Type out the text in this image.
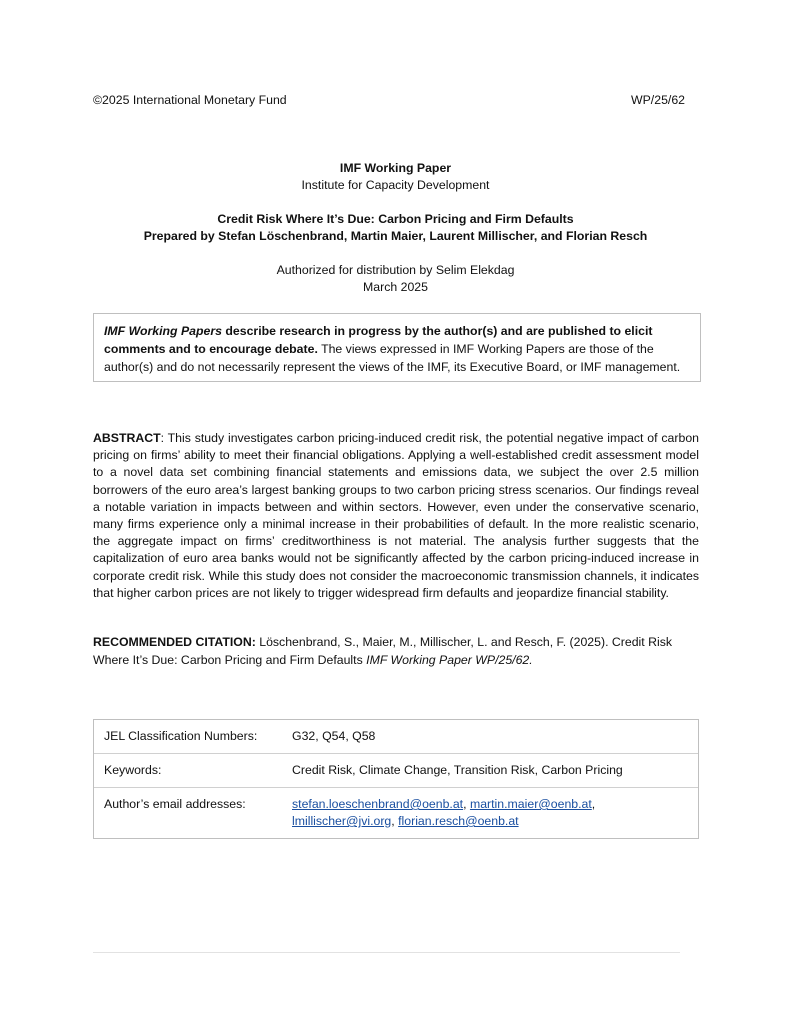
©2025 International Monetary Fund	WP/25/62
IMF Working Paper
Institute for Capacity Development
Credit Risk Where It’s Due: Carbon Pricing and Firm Defaults
Prepared by Stefan Löschenbrand, Martin Maier, Laurent Millischer, and Florian Resch
Authorized for distribution by Selim Elekdag
March 2025
IMF Working Papers describe research in progress by the author(s) and are published to elicit comments and to encourage debate. The views expressed in IMF Working Papers are those of the author(s) and do not necessarily represent the views of the IMF, its Executive Board, or IMF management.
ABSTRACT: This study investigates carbon pricing-induced credit risk, the potential negative impact of carbon pricing on firms’ ability to meet their financial obligations. Applying a well-established credit assessment model to a novel data set combining financial statements and emissions data, we subject the over 2.5 million borrowers of the euro area’s largest banking groups to two carbon pricing stress scenarios. Our findings reveal a notable variation in impacts between and within sectors. However, even under the conservative scenario, many firms experience only a minimal increase in their probabilities of default. In the more realistic scenario, the aggregate impact on firms’ creditworthiness is not material. The analysis further suggests that the capitalization of euro area banks would not be significantly affected by the carbon pricing-induced increase in corporate credit risk. While this study does not consider the macroeconomic transmission channels, it indicates that higher carbon prices are not likely to trigger widespread firm defaults and jeopardize financial stability.
RECOMMENDED CITATION: Löschenbrand, S., Maier, M., Millischer, L. and Resch, F. (2025). Credit Risk Where It’s Due: Carbon Pricing and Firm Defaults IMF Working Paper WP/25/62.
JEL Classification Numbers:	G32, Q54, Q58
Keywords:	Credit Risk, Climate Change, Transition Risk, Carbon Pricing
Author’s email addresses:	stefan.loeschenbrand@oenb.at, martin.maier@oenb.at,
lmillischer@jvi.org, florian.resch@oenb.at
